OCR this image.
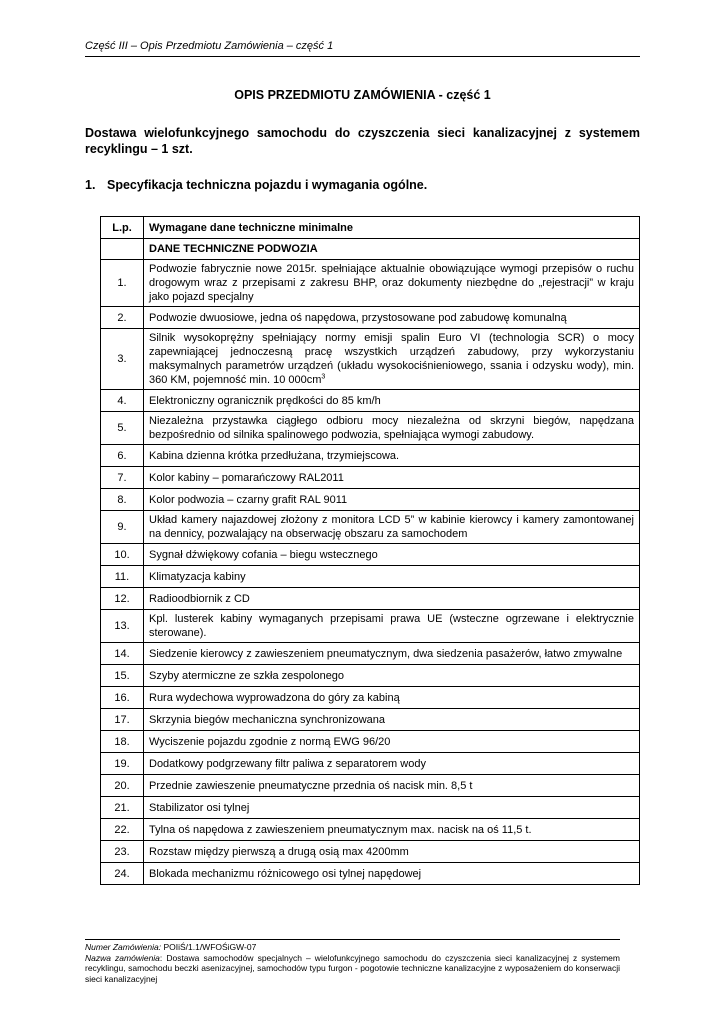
Część III – Opis Przedmiotu Zamówienia – część 1
OPIS PRZEDMIOTU ZAMÓWIENIA - część 1
Dostawa wielofunkcyjnego samochodu do czyszczenia sieci kanalizacyjnej z systemem recyklingu – 1 szt.
1. Specyfikacja techniczna pojazdu i wymagania ogólne.
L.p.	Wymagane dane techniczne minimalne
	DANE TECHNICZNE PODWOZIA
1.	Podwozie fabrycznie nowe 2015r. spełniające aktualnie obowiązujące wymogi przepisów o ruchu drogowym wraz z przepisami z zakresu BHP, oraz dokumenty niezbędne do „rejestracji” w kraju jako pojazd specjalny
2.	Podwozie dwuosiowe, jedna oś napędowa, przystosowane pod zabudowę komunalną
3.	Silnik wysokoprężny spełniający normy emisji spalin Euro VI (technologia SCR) o mocy zapewniającej jednoczesną pracę wszystkich urządzeń zabudowy, przy wykorzystaniu maksymalnych parametrów urządzeń (układu wysokociśnieniowego, ssania i odzysku wody), min. 360 KM, pojemność min. 10 $000cm^3$
4.	Elektroniczny ogranicznik prędkości do 85 km/h
5.	Niezależna przystawka ciągłego odbioru mocy niezależna od skrzyni biegów, napędzana bezpośrednio od silnika spalinowego podwozia, spełniająca wymogi zabudowy.
6.	Kabina dzienna krótka przedłużana, trzymiejscowa.
7.	Kolor kabiny – pomarańczowy RAL2011
8.	Kolor podwozia – czarny grafit RAL 9011
9.	Układ kamery najazdowej złożony z monitora LCD 5” w kabinie kierowcy i kamery zamontowanej na dennicy, pozwalający na obserwację obszaru za samochodem
10.	Sygnał dźwiękowy cofania – biegu wstecznego
11.	Klimatyzacja kabiny
12.	Radioodbiornik z CD
13.	Kpl. lusterek kabiny wymaganych przepisami prawa UE (wsteczne ogrzewane i elektrycznie sterowane).
14.	Siedzenie kierowcy z zawieszeniem pneumatycznym, dwa siedzenia pasażerów, łatwo zmywalne
15.	Szyby atermiczne ze szkła zespolonego
16.	Rura wydechowa wyprowadzona do góry za kabiną
17.	Skrzynia biegów mechaniczna synchronizowana
18.	Wyciszenie pojazdu zgodnie z normą EWG 96/20
19.	Dodatkowy podgrzewany filtr paliwa z separatorem wody
20.	Przednie zawieszenie pneumatyczne przednia oś nacisk min. 8,5 t
21.	Stabilizator osi tylnej
22.	Tylna oś napędowa z zawieszeniem pneumatycznym max. nacisk na oś 11,5 t.
23.	Rozstaw między pierwszą a drugą osią max 4200mm
24.	Blokada mechanizmu różnicowego osi tylnej napędowej
Numer Zamówienia: POIiŚ/1.1/WFOŚiGW-07
Nazwa zamówienia: Dostawa samochodów specjalnych – wielofunkcyjnego samochodu do czyszczenia sieci kanalizacyjnej z systemem recyklingu, samochodu beczki asenizacyjnej, samochodów typu furgon - pogotowie techniczne kanalizacyjne z wyposażeniem do konserwacji sieci kanalizacyjnej
